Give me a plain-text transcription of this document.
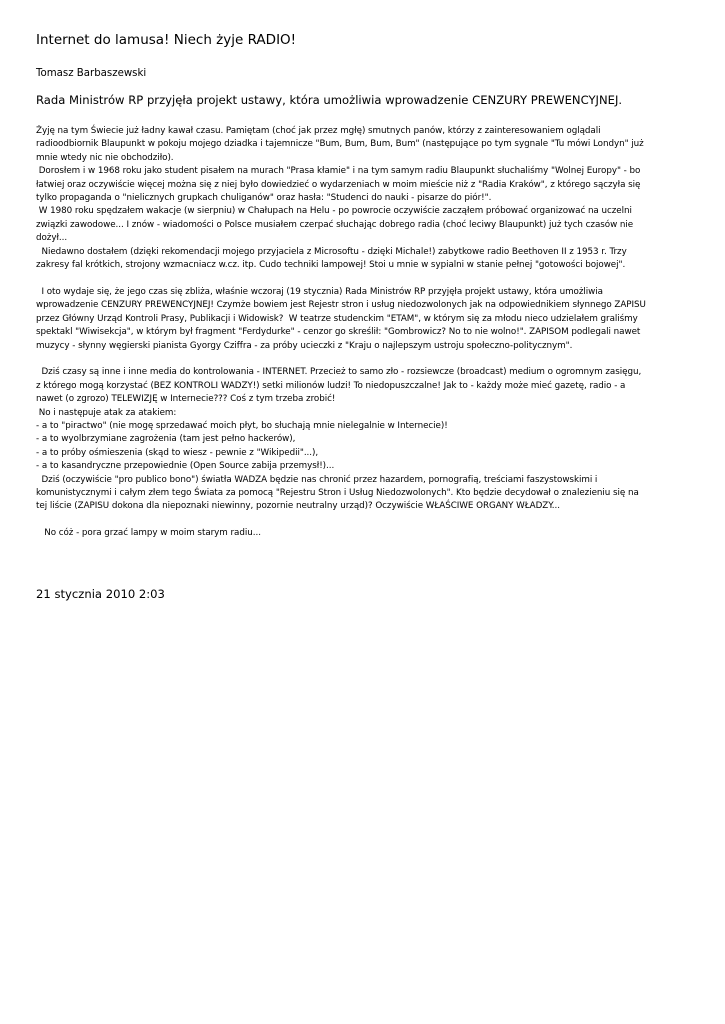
Internet do lamusa! Niech żyje RADIO!

Tomasz Barbaszewski

Rada Ministrów RP przyjęła projekt ustawy, która umożliwia wprowadzenie CENZURY PREWENCYJNEJ.

Żyję na tym Świecie już ładny kawał czasu. Pamiętam (choć jak przez mgłę) smutnych panów, którzy z zainteresowaniem oglądali
radioodbiornik Blaupunkt w pokoju mojego dziadka i tajemnicze "Bum, Bum, Bum, Bum" (następujące po tym sygnale "Tu mówi Londyn" już
mnie wtedy nic nie obchodziło).
Dorosłem i w 1968 roku jako student pisałem na murach "Prasa kłamie" i na tym samym radiu Blaupunkt słuchaliśmy "Wolnej Europy" - bo
łatwiej oraz oczywiście więcej można się z niej było dowiedzieć o wydarzeniach w moim mieście niż z "Radia Kraków", z którego sączyła się
tylko propaganda o "nielicznych grupkach chuliganów" oraz hasła: "Studenci do nauki - pisarze do piór!".
W 1980 roku spędzałem wakacje (w sierpniu) w Chałupach na Helu - po powrocie oczywiście zacząłem próbować organizować na uczelni
związki zawodowe... I znów - wiadomości o Polsce musiałem czerpać słuchając dobrego radia (choć leciwy Blaupunkt) już tych czasów nie
dożył...
Niedawno dostałem (dzięki rekomendacji mojego przyjaciela z Microsoftu - dzięki Michale!) zabytkowe radio Beethoven II z 1953 r. Trzy
zakresy fal krótkich, strojony wzmacniacz w.cz. itp. Cudo techniki lampowej! Stoi u mnie w sypialni w stanie pełnej "gotowości bojowej".
I oto wydaje się, że jego czas się zbliża, właśnie wczoraj (19 stycznia) Rada Ministrów RP przyjęła projekt ustawy, która umożliwia
wprowadzenie CENZURY PREWENCYJNEJ! Czymże bowiem jest Rejestr stron i usług niedozwolonych jak na odpowiednikiem słynnego ZAPISU
przez Główny Urząd Kontroli Prasy, Publikacji i Widowisk?  W teatrze studenckim "ETAM", w którym się za młodu nieco udzielałem graliśmy
spektakl "Wiwisekcja", w którym był fragment "Ferdydurke" - cenzor go skreślił: "Gombrowicz? No to nie wolno!". ZAPISOM podlegali nawet
muzycy - słynny węgierski pianista Gyorgy Cziffra - za próby ucieczki z "Kraju o najlepszym ustroju społeczno-politycznym".
Dziś czasy są inne i inne media do kontrolowania - INTERNET. Przecież to samo zło - rozsiewcze (broadcast) medium o ogromnym zasięgu,
z którego mogą korzystać (BEZ KONTROLI WADZY!) setki milionów ludzi! To niedopuszczalne! Jak to - każdy może mieć gazetę, radio - a
nawet (o zgrozo) TELEWIZJĘ w Internecie??? Coś z tym trzeba zrobić!
No i następuje atak za atakiem:
- a to "piractwo" (nie mogę sprzedawać moich płyt, bo słuchają mnie nielegalnie w Internecie)!
- a to wyolbrzymiane zagrożenia (tam jest pełno hackerów),
- a to próby ośmieszenia (skąd to wiesz - pewnie z "Wikipedii"...),
- a to kasandryczne przepowiednie (Open Source zabija przemysł!)...
Dziś (oczywiście "pro publico bono") światła WADZA będzie nas chronić przez hazardem, pornografią, treściami faszystowskimi i
komunistycznymi i całym złem tego Świata za pomocą "Rejestru Stron i Usług Niedozwolonych". Kto będzie decydował o znalezieniu się na
tej liście (ZAPISU dokona dla niepoznaki niewinny, pozornie neutralny urząd)? Oczywiście WŁAŚCIWE ORGANY WŁADZY...
No cóż - pora grzać lampy w moim starym radiu...

21 stycznia 2010 2:03
